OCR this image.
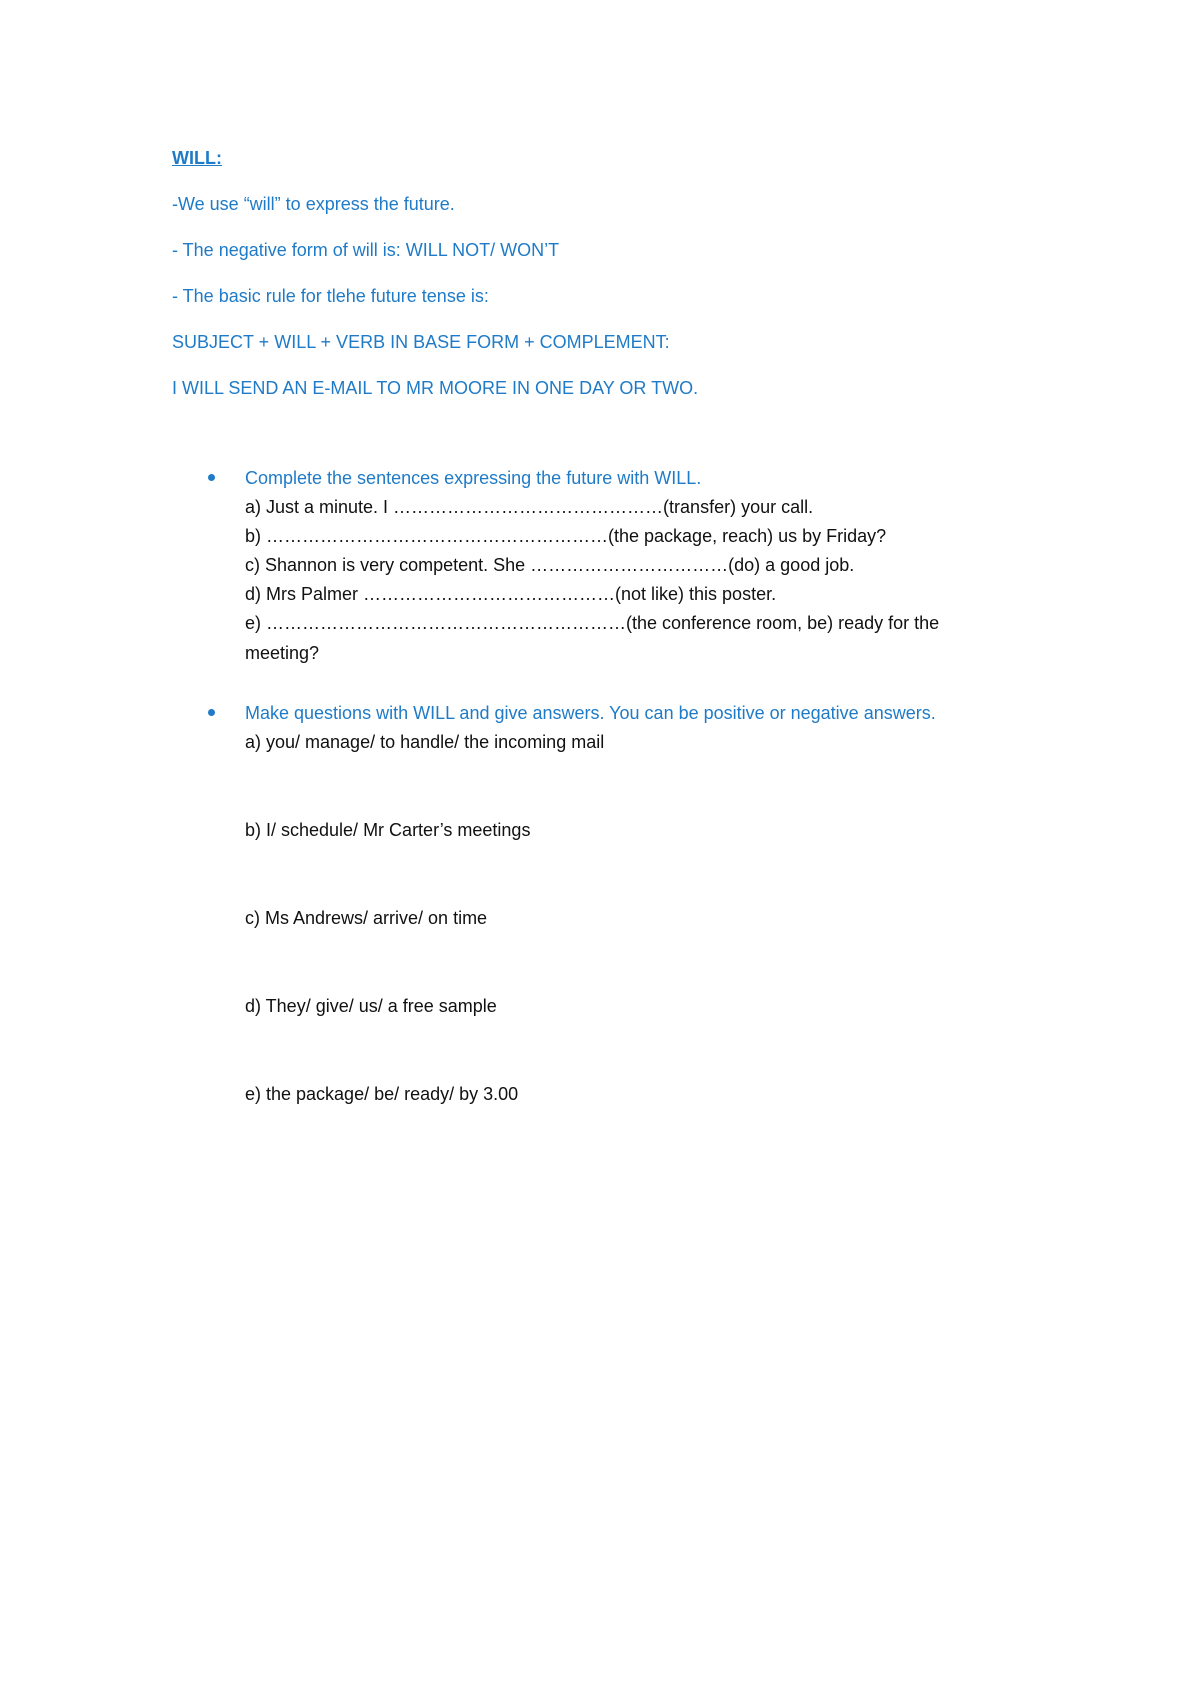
WILL:
-We use “will” to express the future.
- The negative form of will is: WILL NOT/ WON’T
- The basic rule for tlehe future tense is:
SUBJECT + WILL + VERB IN BASE FORM + COMPLEMENT:
I WILL SEND AN E-MAIL TO MR MOORE IN ONE DAY OR TWO.
Complete the sentences expressing the future with WILL.
a) Just a minute. I ………………………………………(transfer) your call.
b) …………………………………………………(the package, reach) us by Friday?
c) Shannon is very competent. She ……………………………(do) a good job.
d) Mrs Palmer ……………………………………(not like) this poster.
e) ……………………………………………………(the conference room, be) ready for the
meeting?
Make questions with WILL and give answers. You can be positive or negative answers.
a) you/ manage/ to handle/ the incoming mail
b) I/ schedule/ Mr Carter’s meetings
c) Ms Andrews/ arrive/ on time
d) They/ give/ us/ a free sample
e) the package/ be/ ready/ by 3.00
